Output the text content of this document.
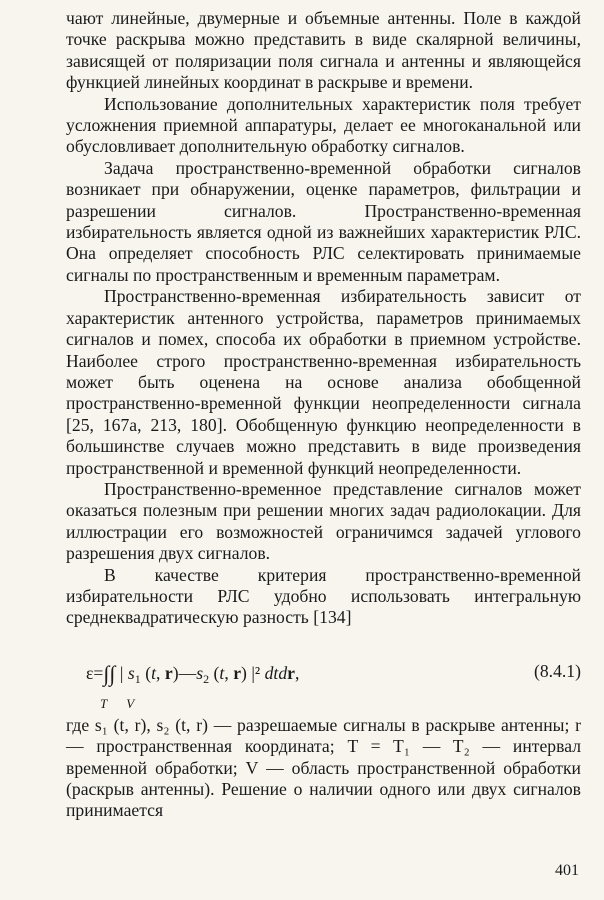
чают линейные, двумерные и объемные антенны. Поле в каждой точке раскрыва можно представить в виде скалярной величины, зависящей от поляризации поля сигнала и антенны и являющейся функцией линейных координат в раскрыве и времени.

Использование дополнительных характеристик поля требует усложнения приемной аппаратуры, делает ее многоканальной или обусловливает дополнительную обработку сигналов.

Задача пространственно-временной обработки сигналов возникает при обнаружении, оценке параметров, фильтрации и разрешении сигналов. Пространственно-временная избирательность является одной из важнейших характеристик РЛС. Она определяет способность РЛС селектировать принимаемые сигналы по пространственным и временным параметрам.

Пространственно-временная избирательность зависит от характеристик антенного устройства, параметров принимаемых сигналов и помех, способа их обработки в приемном устройстве. Наиболее строго пространственно-временная избирательность может быть оценена на основе анализа обобщенной пространственно-временной функции неопределенности сигнала [25, 167а, 213, 180]. Обобщенную функцию неопределенности в большинстве случаев можно представить в виде произведения пространственной и временной функций неопределенности.

Пространственно-временное представление сигналов может оказаться полезным при решении многих задач радиолокации. Для иллюстрации его возможностей ограничимся задачей углового разрешения двух сигналов.

В качестве критерия пространственно-временной избирательности РЛС удобно использовать интегральную среднеквадратическую разность [134]

ε=∫∫ | $s_1$ (t, $r)—s_2$ (t, r) |² dtdr,
T V
(8.4.1)

где s₁ (t, r), s₂ (t, r) — разрешаемые сигналы в раскрыве антенны; r — пространственная координата; T = T₁ — T₂ — интервал временной обработки; V — область пространственной обработки (раскрыв антенны). Решение о наличии одного или двух сигналов принимается

401
